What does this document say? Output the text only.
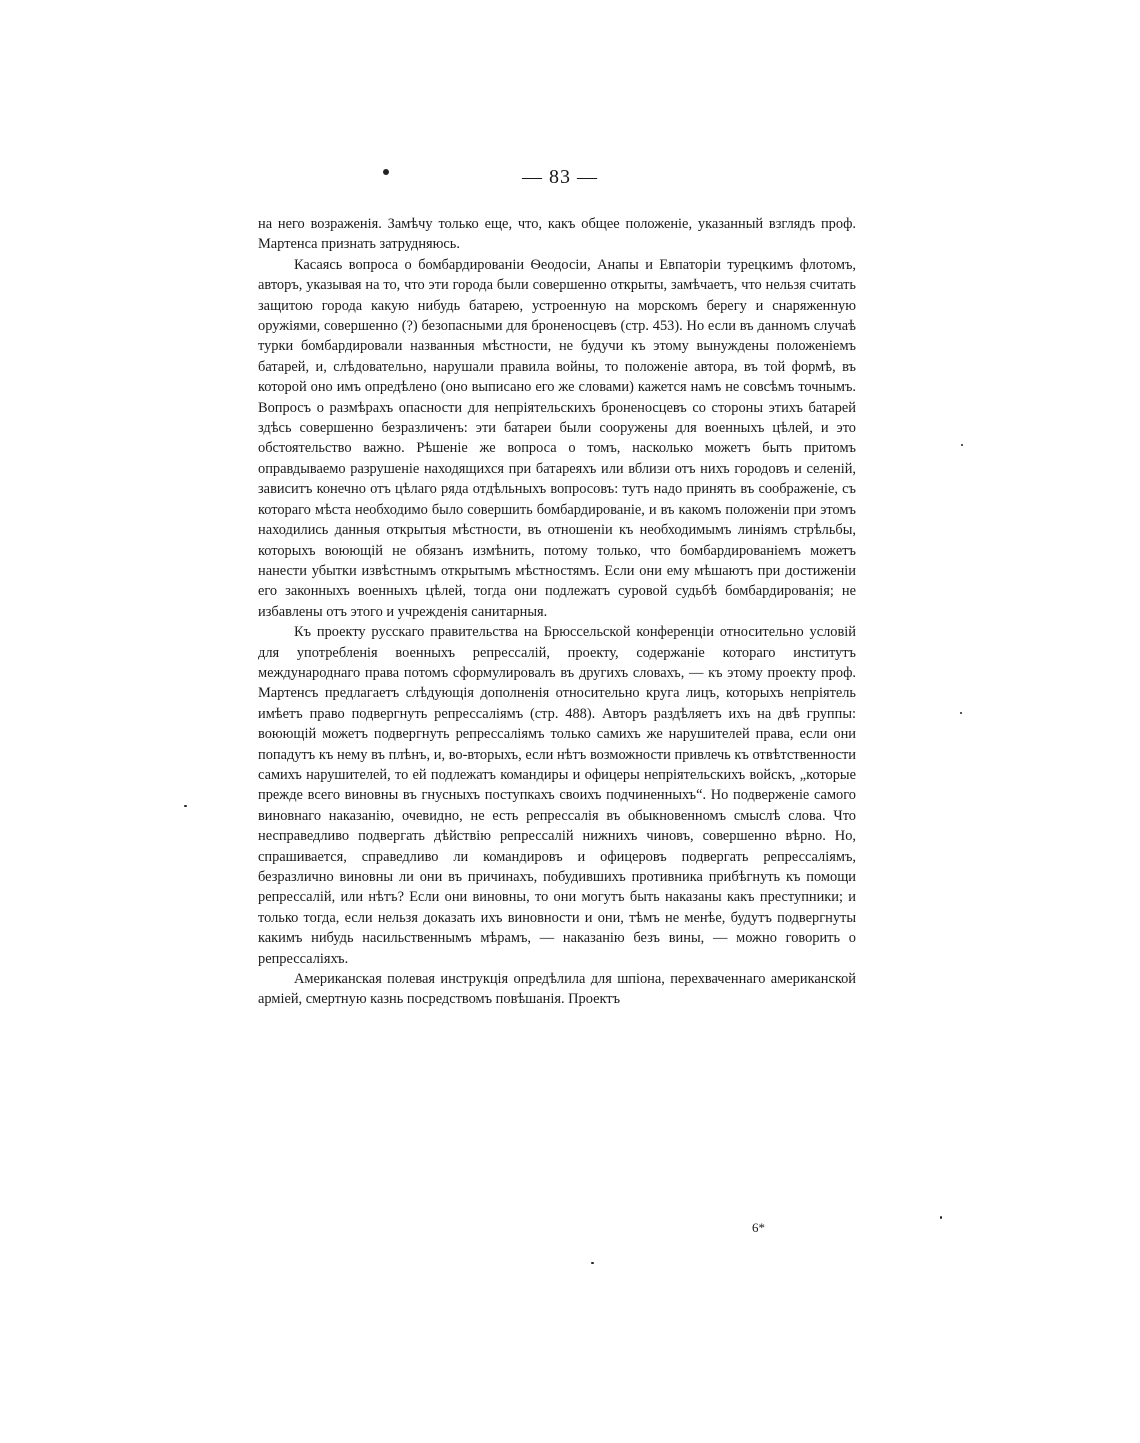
— 83 —

на него возраженія. Замѣчу только еще, что, какъ общее положеніе, указанный взглядъ проф. Мартенса признать затрудняюсь.

Касаясь вопроса о бомбардированіи Ѳеодосіи, Анапы и Евпаторіи турецкимъ флотомъ, авторъ, указывая на то, что эти города были совершенно открыты, замѣчаетъ, что нельзя считать защитою города какую нибудь батарею, устроенную на морскомъ берегу и снаряженную оружіями, совершенно (?) безопасными для броненосцевъ (стр. 453). Но если въ данномъ случаѣ турки бомбардировали названныя мѣстности, не будучи къ этому вынуждены положеніемъ батарей, и, слѣдовательно, нарушали правила войны, то положеніе автора, въ той формѣ, въ которой оно имъ опредѣлено (оно выписано его же словами) кажется намъ не совсѣмъ точнымъ. Вопросъ о размѣрахъ опасности для непріятельскихъ броненосцевъ со стороны этихъ батарей здѣсь совершенно безразличенъ: эти батареи были сооружены для военныхъ цѣлей, и это обстоятельство важно. Рѣшеніе же вопроса о томъ, насколько можетъ быть притомъ оправдываемо разрушеніе находящихся при батареяхъ или вблизи отъ нихъ городовъ и селеній, зависитъ конечно отъ цѣлаго ряда отдѣльныхъ вопросовъ: тутъ надо принять въ соображеніе, съ котораго мѣста необходимо было совершить бомбардированіе, и въ какомъ положеніи при этомъ находились данныя открытыя мѣстности, въ отношеніи къ необходимымъ линіямъ стрѣльбы, которыхъ воюющій не обязанъ измѣнить, потому только, что бомбардированіемъ можетъ нанести убытки извѣстнымъ открытымъ мѣстностямъ. Если они ему мѣшаютъ при достиженіи его законныхъ военныхъ цѣлей, тогда они подлежатъ суровой судьбѣ бомбардированія; не избавлены отъ этого и учрежденія санитарныя.

Къ проекту русскаго правительства на Брюссельской конференціи относительно условій для употребленія военныхъ репрессалій, проекту, содержаніе котораго институтъ международнаго права потомъ сформулировалъ въ другихъ словахъ, — къ этому проекту проф. Мартенсъ предлагаетъ слѣдующія дополненія относительно круга лицъ, которыхъ непріятель имѣетъ право подвергнуть репрессаліямъ (стр. 488). Авторъ раздѣляетъ ихъ на двѣ группы: воюющій можетъ подвергнуть репрессаліямъ только самихъ же нарушителей права, если они попадутъ къ нему въ плѣнъ, и, во-вторыхъ, если нѣтъ возможности привлечь къ отвѣтственности самихъ нарушителей, то ей подлежатъ командиры и офицеры непріятельскихъ войскъ, „которые прежде всего виновны въ гнусныхъ поступкахъ своихъ подчиненныхъ“. Но подверженіе самого виновнаго наказанію, очевидно, не есть репрессалія въ обыкновенномъ смыслѣ слова. Что несправедливо подвергать дѣйствію репрессалій нижнихъ чиновъ, совершенно вѣрно. Но, спрашивается, справедливо ли командировъ и офицеровъ подвергать репрессаліямъ, безразлично виновны ли они въ причинахъ, побудившихъ противника прибѣгнуть къ помощи репрессалій, или нѣтъ? Если они виновны, то они могутъ быть наказаны какъ преступники; и только тогда, если нельзя доказать ихъ виновности и они, тѣмъ не менѣе, будутъ подвергнуты какимъ нибудь насильственнымъ мѣрамъ, — наказанію безъ вины, — можно говорить о репрессаліяхъ.

Американская полевая инструкція опредѣлила для шпіона, перехваченнаго американской арміей, смертную казнь посредствомъ повѣшанія. Проектъ

6*
